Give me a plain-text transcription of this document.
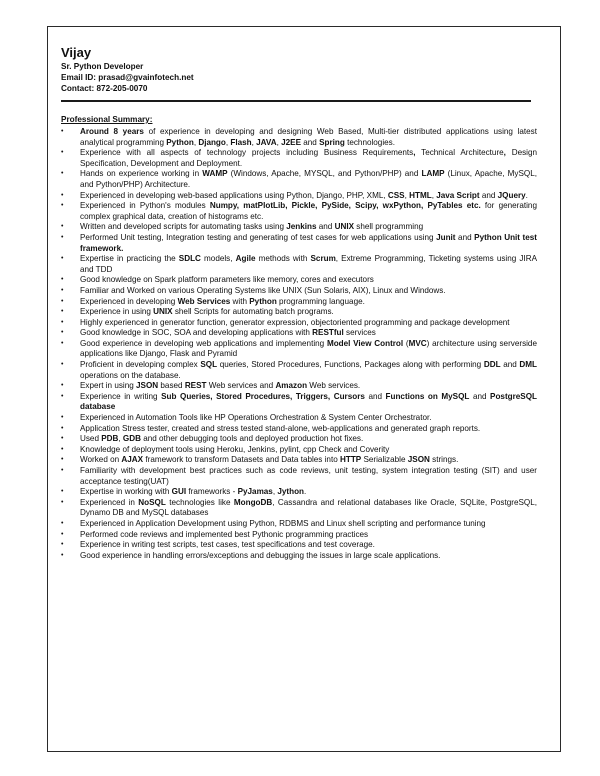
Vijay
Sr. Python Developer
Email ID: prasad@gvainfotech.net
Contact: 872-205-0070
Professional Summary:
• Around 8 years of experience in developing and designing Web Based, Multi-tier distributed applications using latest analytical programming Python, Django, Flash, JAVA, J2EE and Spring technologies.
• Experience with all aspects of technology projects including Business Requirements, Technical Architecture, Design Specification, Development and Deployment.
• Hands on experience working in WAMP (Windows, Apache, MYSQL, and Python/PHP) and LAMP (Linux, Apache, MySQL, and Python/PHP) Architecture.
• Experienced in developing web-based applications using Python, Django, PHP, XML, CSS, HTML, Java Script and JQuery.
• Experienced in Python's modules Numpy, matPlotLib, Pickle, PySide, Scipy, wxPython, PyTables etc. for generating complex graphical data, creation of histograms etc.
• Written and developed scripts for automating tasks using Jenkins and UNIX shell programming
• Performed Unit testing, Integration testing and generating of test cases for web applications using Junit and Python Unit test framework.
• Expertise in practicing the SDLC models, Agile methods with Scrum, Extreme Programming, Ticketing systems using JIRA and TDD
• Good knowledge on Spark platform parameters like memory, cores and executors
• Familiar and Worked on various Operating Systems like UNIX (Sun Solaris, AIX), Linux and Windows.
• Experienced in developing Web Services with Python programming language.
• Experience in using UNIX shell Scripts for automating batch programs.
• Highly experienced in generator function, generator expression, objectoriented programming and package development
• Good knowledge in SOC, SOA and developing applications with RESTful services
• Good experience in developing web applications and implementing Model View Control (MVC) architecture using serverside applications like Django, Flask and Pyramid
• Proficient in developing complex SQL queries, Stored Procedures, Functions, Packages along with performing DDL and DML operations on the database.
• Expert in using JSON based REST Web services and Amazon Web services.
• Experience in writing Sub Queries, Stored Procedures, Triggers, Cursors and Functions on MySQL and PostgreSQL database
• Experienced in Automation Tools like HP Operations Orchestration & System Center Orchestrator.
• Application Stress tester, created and stress tested stand-alone, web-applications and generated graph reports.
• Used PDB, GDB and other debugging tools and deployed production hot fixes.
• Knowledge of deployment tools using Heroku, Jenkins, pylint, cpp Check and Coverity
• Worked on AJAX framework to transform Datasets and Data tables into HTTP Serializable JSON strings.
• Familiarity with development best practices such as code reviews, unit testing, system integration testing (SIT) and user acceptance testing(UAT)
• Expertise in working with GUI frameworks - PyJamas, Jython.
• Experienced in NoSQL technologies like MongoDB, Cassandra and relational databases like Oracle, SQLite, PostgreSQL, Dynamo DB and MySQL databases
• Experienced in Application Development using Python, RDBMS and Linux shell scripting and performance tuning
• Performed code reviews and implemented best Pythonic programming practices
• Experience in writing test scripts, test cases, test specifications and test coverage.
• Good experience in handling errors/exceptions and debugging the issues in large scale applications.
